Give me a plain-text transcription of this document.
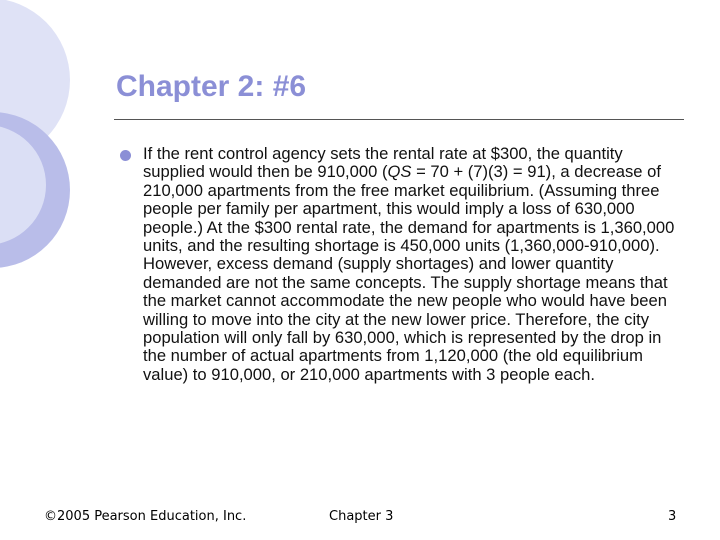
Chapter 2: #6

If the rent control agency sets the rental rate at $300, the quantity supplied would then be 910,000 (QS = 70 + (7)(3) = 91), a decrease of 210,000 apartments from the free market equilibrium. (Assuming three people per family per apartment, this would imply a loss of 630,000 people.) At the $300 rental rate, the demand for apartments is 1,360,000 units, and the resulting shortage is 450,000 units (1,360,000-910,000). However, excess demand (supply shortages) and lower quantity demanded are not the same concepts. The supply shortage means that the market cannot accommodate the new people who would have been willing to move into the city at the new lower price. Therefore, the city population will only fall by 630,000, which is represented by the drop in the number of actual apartments from 1,120,000 (the old equilibrium value) to 910,000, or 210,000 apartments with 3 people each.

©2005 Pearson Education, Inc.	Chapter 3	3
